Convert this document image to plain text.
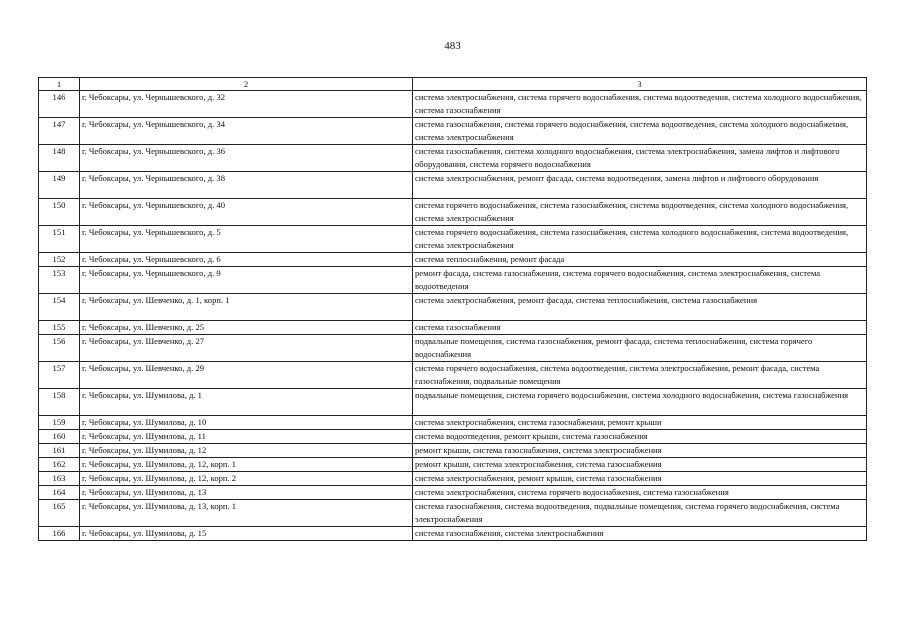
483
1	2	3
146	г. Чебоксары, ул. Чернышевского, д. 32	система электроснабжения, система горячего водоснабжения, система водоотведения, система холодного водоснабжения, система газоснабжения
147	г. Чебоксары, ул. Чернышевского, д. 34	система газоснабжения, система горячего водоснабжения, система водоотведения, система холодного водоснабжения, система электроснабжения
148	г. Чебоксары, ул. Чернышевского, д. 36	система газоснабжения, система холодного водоснабжения, система электроснабжения, замена лифтов и лифтового оборудования, система горячего водоснабжения
149	г. Чебоксары, ул. Чернышевского, д. 38	система электроснабжения, ремонт фасада, система водоотведения, замена лифтов и лифтового оборудования
150	г. Чебоксары, ул. Чернышевского, д. 40	система горячего водоснабжения, система газоснабжения, система водоотведения, система холодного водоснабжения, система электроснабжения
151	г. Чебоксары, ул. Чернышевского, д. 5	система горячего водоснабжения, система газоснабжения, система холодного водоснабжения, система водоотведения, система электроснабжения
152	г. Чебоксары, ул. Чернышевского, д. 6	система теплоснабжения, ремонт фасада
153	г. Чебоксары, ул. Чернышевского, д. 9	ремонт фасада, система газоснабжения, система горячего водоснабжения, система электроснабжения, система водоотведения
154	г. Чебоксары, ул. Шевченко, д. 1, корп. 1	система электроснабжения, ремонт фасада, система теплоснабжения, система газоснабжения
155	г. Чебоксары, ул. Шевченко, д. 25	система газоснабжения
156	г. Чебоксары, ул. Шевченко, д. 27	подвальные помещения, система газоснабжения, ремонт фасада, система теплоснабжения, система горячего водоснабжения
157	г. Чебоксары, ул. Шевченко, д. 29	система горячего водоснабжения, система водоотведения, система электроснабжения, ремонт фасада, система газоснабжения, подвальные помещения
158	г. Чебоксары, ул. Шумилова, д. 1	подвальные помещения, система горячего водоснабжения, система холодного водоснабжения, система газоснабжения
159	г. Чебоксары, ул. Шумилова, д. 10	система электроснабжения, система газоснабжения, ремонт крыши
160	г. Чебоксары, ул. Шумилова, д. 11	система водоотведения, ремонт крыши, система газоснабжения
161	г. Чебоксары, ул. Шумилова, д. 12	ремонт крыши, система газоснабжения, система электроснабжения
162	г. Чебоксары, ул. Шумилова, д. 12, корп. 1	ремонт крыши, система электроснабжения, система газоснабжения
163	г. Чебоксары, ул. Шумилова, д. 12, корп. 2	система электроснабжения, ремонт крыши, система газоснабжения
164	г. Чебоксары, ул. Шумилова, д. 13	система электроснабжения, система горячего водоснабжения, система газоснабжения
165	г. Чебоксары, ул. Шумилова, д. 13, корп. 1	система газоснабжения, система водоотведения, подвальные помещения, система горячего водоснабжения, система электроснабжения
166	г. Чебоксары, ул. Шумилова, д. 15	система газоснабжения, система электроснабжения
